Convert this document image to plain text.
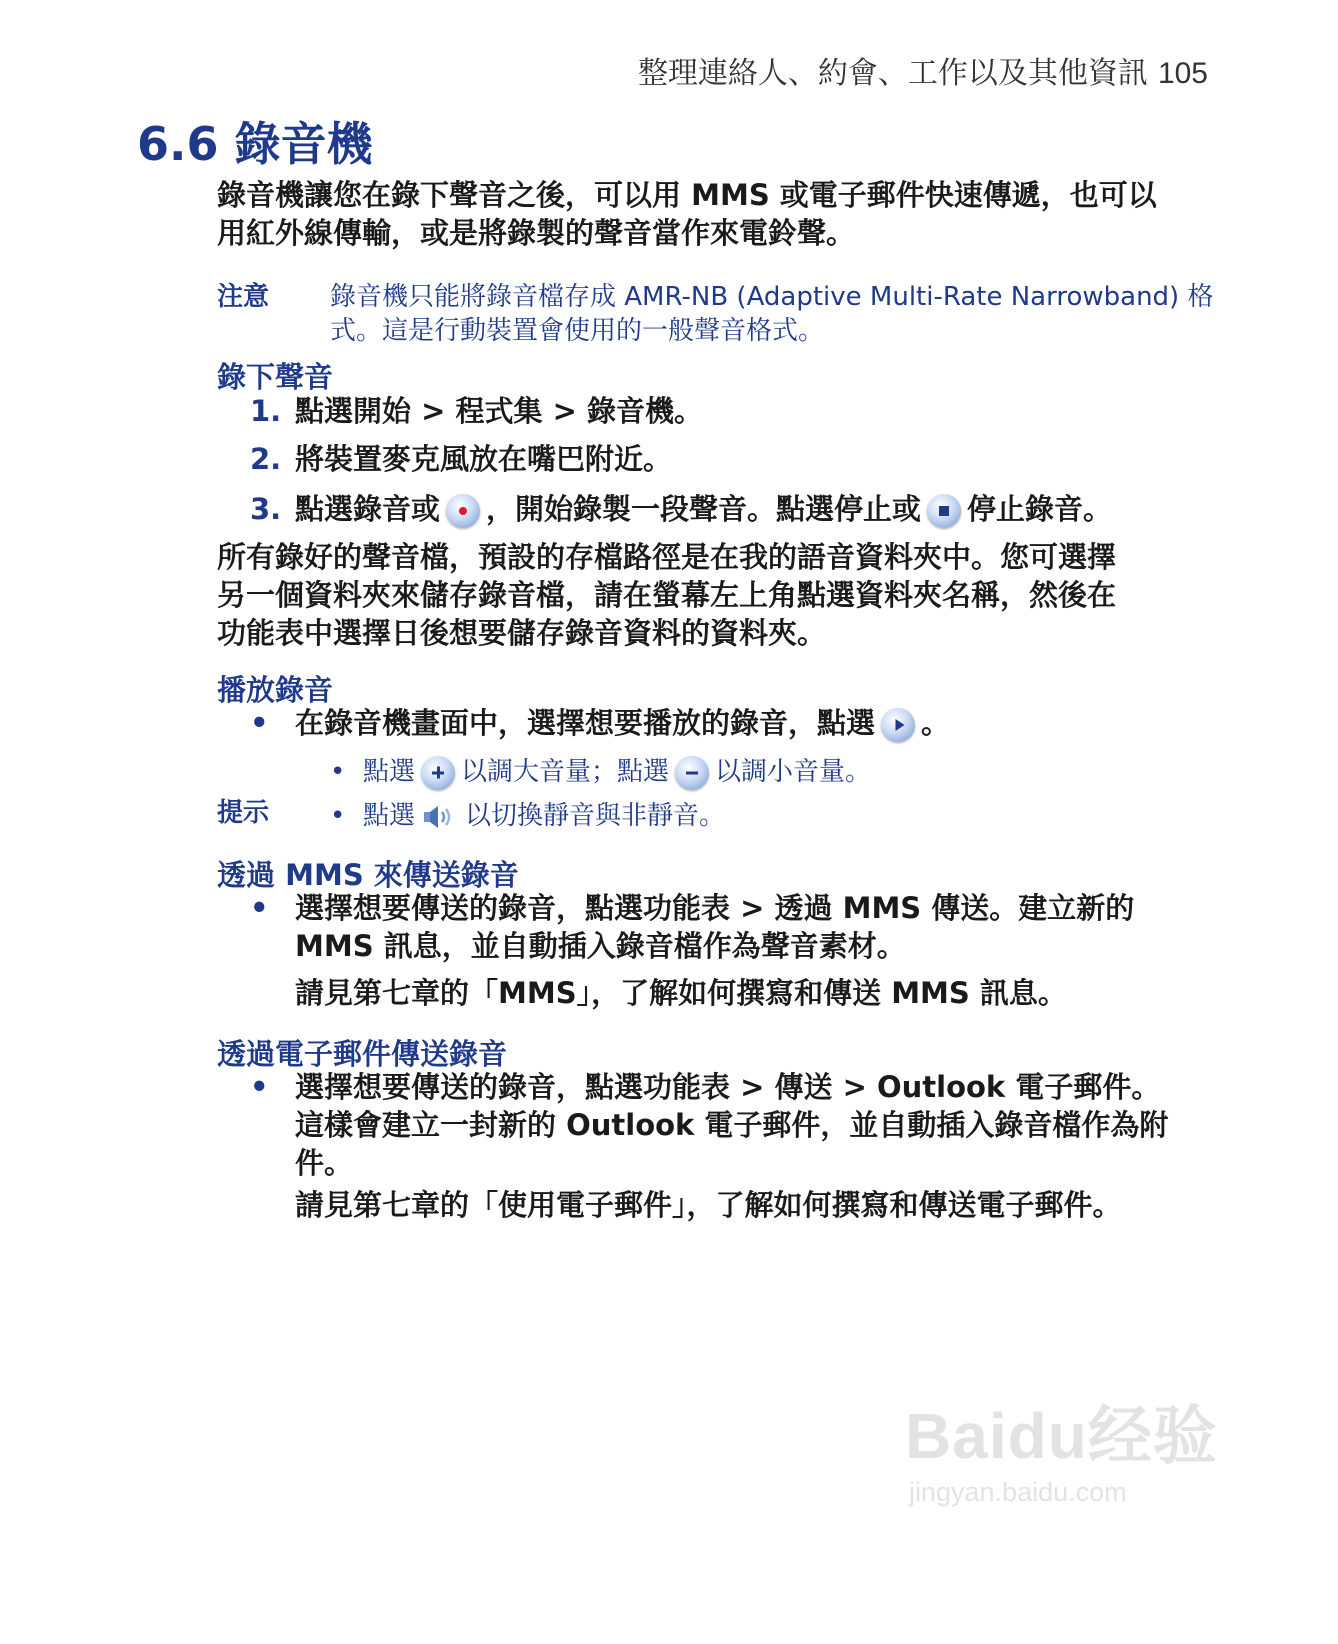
整理連絡人、約會、工作以及其他資訊 105
6.6 錄音機
錄音機讓您在錄下聲音之後，可以用 MMS 或電子郵件快速傳遞，也可以
用紅外線傳輸，或是將錄製的聲音當作來電鈴聲。
注意 錄音機只能將錄音檔存成 AMR-NB (Adaptive Multi-Rate Narrowband) 格
式。這是行動裝置會使用的一般聲音格式。
錄下聲音
1. 點選開始 > 程式集 > 錄音機。
2. 將裝置麥克風放在嘴巴附近。
3. 點選錄音或 ，開始錄製一段聲音。點選停止或 停止錄音。
所有錄好的聲音檔，預設的存檔路徑是在我的語音資料夾中。您可選擇
另一個資料夾來儲存錄音檔，請在螢幕左上角點選資料夾名稱，然後在
功能表中選擇日後想要儲存錄音資料的資料夾。
播放錄音
• 在錄音機畫面中，選擇想要播放的錄音，點選 。
提示
• 點選 以調大音量；點選 以調小音量。
• 點選 以切換靜音與非靜音。
透過 MMS 來傳送錄音
• 選擇想要傳送的錄音，點選功能表 > 透過 MMS 傳送。建立新的
MMS 訊息，並自動插入錄音檔作為聲音素材。
請見第七章的「MMS」，了解如何撰寫和傳送 MMS 訊息。
透過電子郵件傳送錄音
• 選擇想要傳送的錄音，點選功能表 > 傳送 > Outlook 電子郵件。
這樣會建立一封新的 Outlook 電子郵件，並自動插入錄音檔作為附
件。
請見第七章的「使用電子郵件」，了解如何撰寫和傳送電子郵件。
Baidu经验
jingyan.baidu.com
